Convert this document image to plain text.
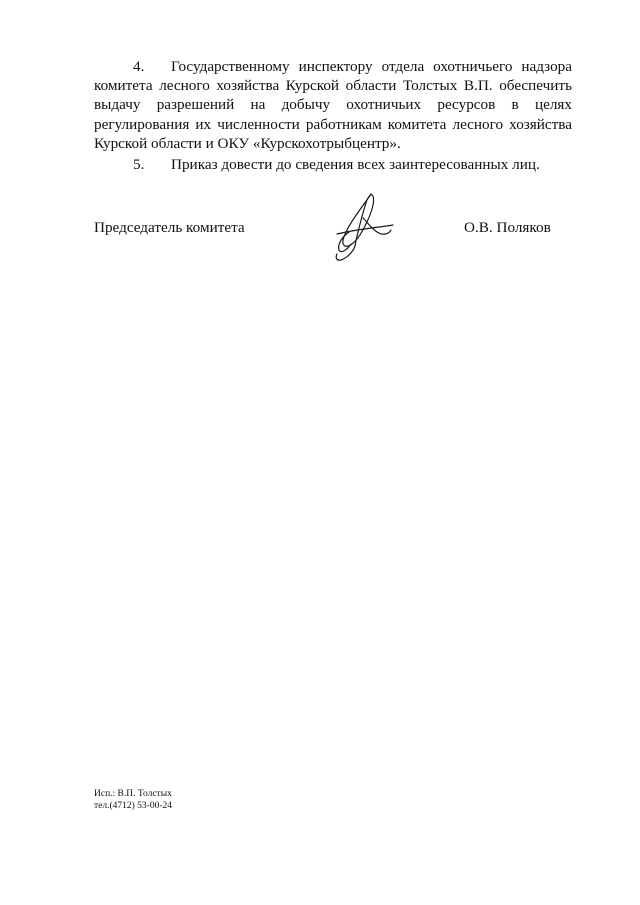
4. Государственному инспектору отдела охотничьего надзора комитета лесного хозяйства Курской области Толстых В.П. обеспечить выдачу разрешений на добычу охотничьих ресурсов в целях регулирования их численности работникам комитета лесного хозяйства Курской области и ОКУ «Курскохотрыбцентр».

5. Приказ довести до сведения всех заинтересованных лиц.

Председатель комитета	О.В. Поляков
Исп.: В.П. Толстых
тел.(4712) 53-00-24
